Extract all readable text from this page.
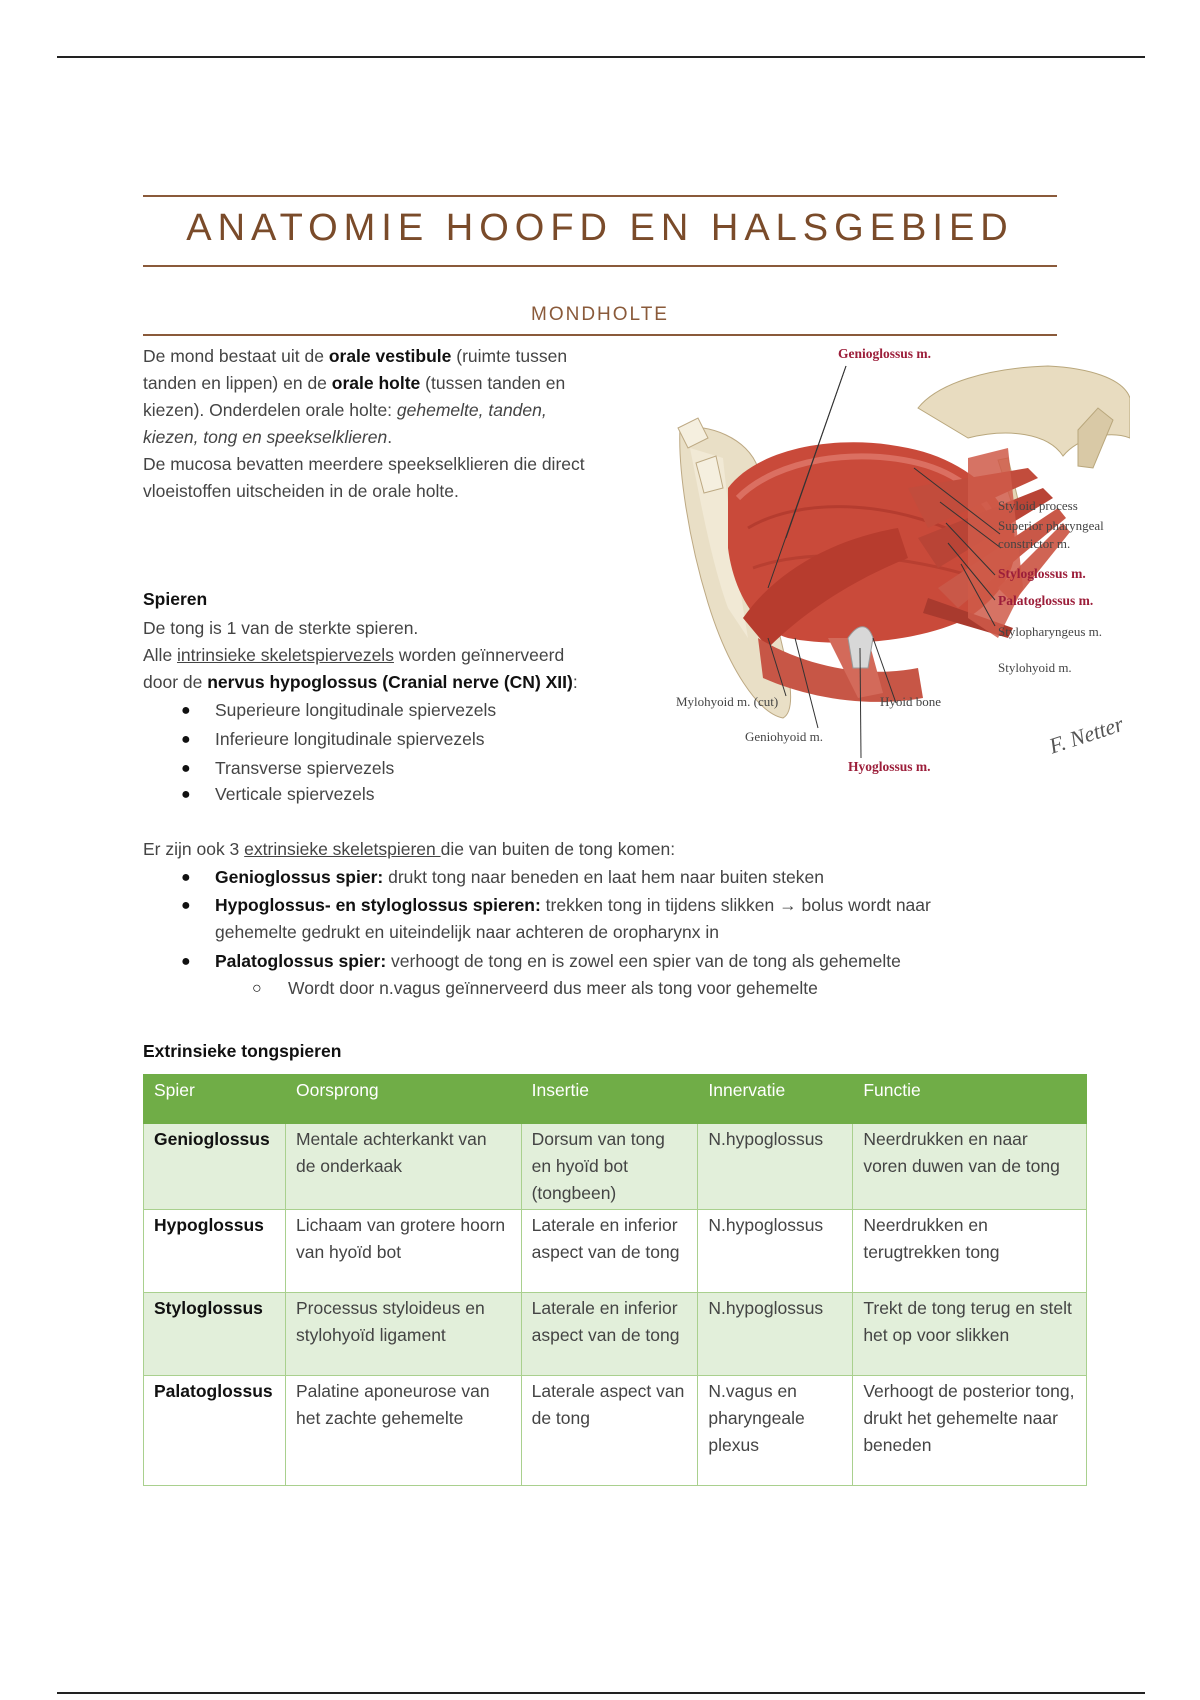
ANATOMIE HOOFD EN HALSGEBIED
MONDHOLTE
De mond bestaat uit de orale vestibule (ruimte tussen
tanden en lippen) en de orale holte (tussen tanden en
kiezen). Onderdelen orale holte: gehemelte, tanden,
kiezen, tong en speekselklieren.
De mucosa bevatten meerdere speekselklieren die direct
vloeistoffen uitscheiden in de orale holte.
Spieren
De tong is 1 van de sterkte spieren.
Alle intrinsieke skeletspiervezels worden geïnnerveerd
door de nervus hypoglossus (Cranial nerve (CN) XII):
● Superieure longitudinale spiervezels
● Inferieure longitudinale spiervezels
● Transverse spiervezels
● Verticale spiervezels
Er zijn ook 3 extrinsieke skeletspieren die van buiten de tong komen:
● Genioglossus spier: drukt tong naar beneden en laat hem naar buiten steken
● Hypoglossus- en styloglossus spieren: trekken tong in tijdens slikken → bolus wordt naar
gehemelte gedrukt en uiteindelijk naar achteren de oropharynx in
● Palatoglossus spier: verhoogt de tong en is zowel een spier van de tong als gehemelte
○ Wordt door n.vagus geïnnerveerd dus meer als tong voor gehemelte
Extrinsieke tongspieren
Spier	Oorsprong	Insertie	Innervatie	Functie
Genioglossus	Mentale achterkankt van de onderkaak	Dorsum van tong en hyoïd bot (tongbeen)	N.hypoglossus	Neerdrukken en naar voren duwen van de tong
Hypoglossus	Lichaam van grotere hoorn van hyoïd bot	Laterale en inferior aspect van de tong	N.hypoglossus	Neerdrukken en terugtrekken tong
Styloglossus	Processus styloideus en stylohyoïd ligament	Laterale en inferior aspect van de tong	N.hypoglossus	Trekt de tong terug en stelt het op voor slikken
Palatoglossus	Palatine aponeurose van het zachte gehemelte	Laterale aspect van de tong	N.vagus en pharyngeale plexus	Verhoogt de posterior tong, drukt het gehemelte naar beneden
Genioglossus m.
Styloid process
Superior pharyngeal
constrictor m.
Styloglossus m.
Palatoglossus m.
Stylopharyngeus m.
Stylohyoid m.
Mylohyoid m. (cut)	Hyoid bone
Geniohyoid m.
Hyoglossus m.
F. Netter
